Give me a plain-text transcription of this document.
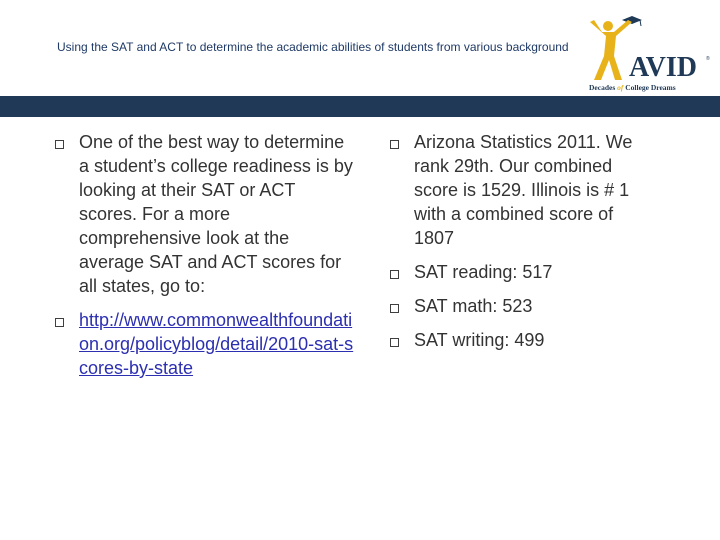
Using the SAT and ACT to determine the academic abilities of students from various background
AVID ®
Decades of College Dreams
One of the best way to determine a student’s college readiness is by looking at their SAT or ACT scores. For a more comprehensive look at the average SAT and ACT scores for all states, go to:
http://www.commonwealthfoundation.org/policyblog/detail/2010-sat-scores-by-state
Arizona Statistics 2011. We rank 29th. Our combined score is 1529. Illinois is # 1 with a combined score of 1807
SAT reading: 517
SAT math: 523
SAT writing: 499
